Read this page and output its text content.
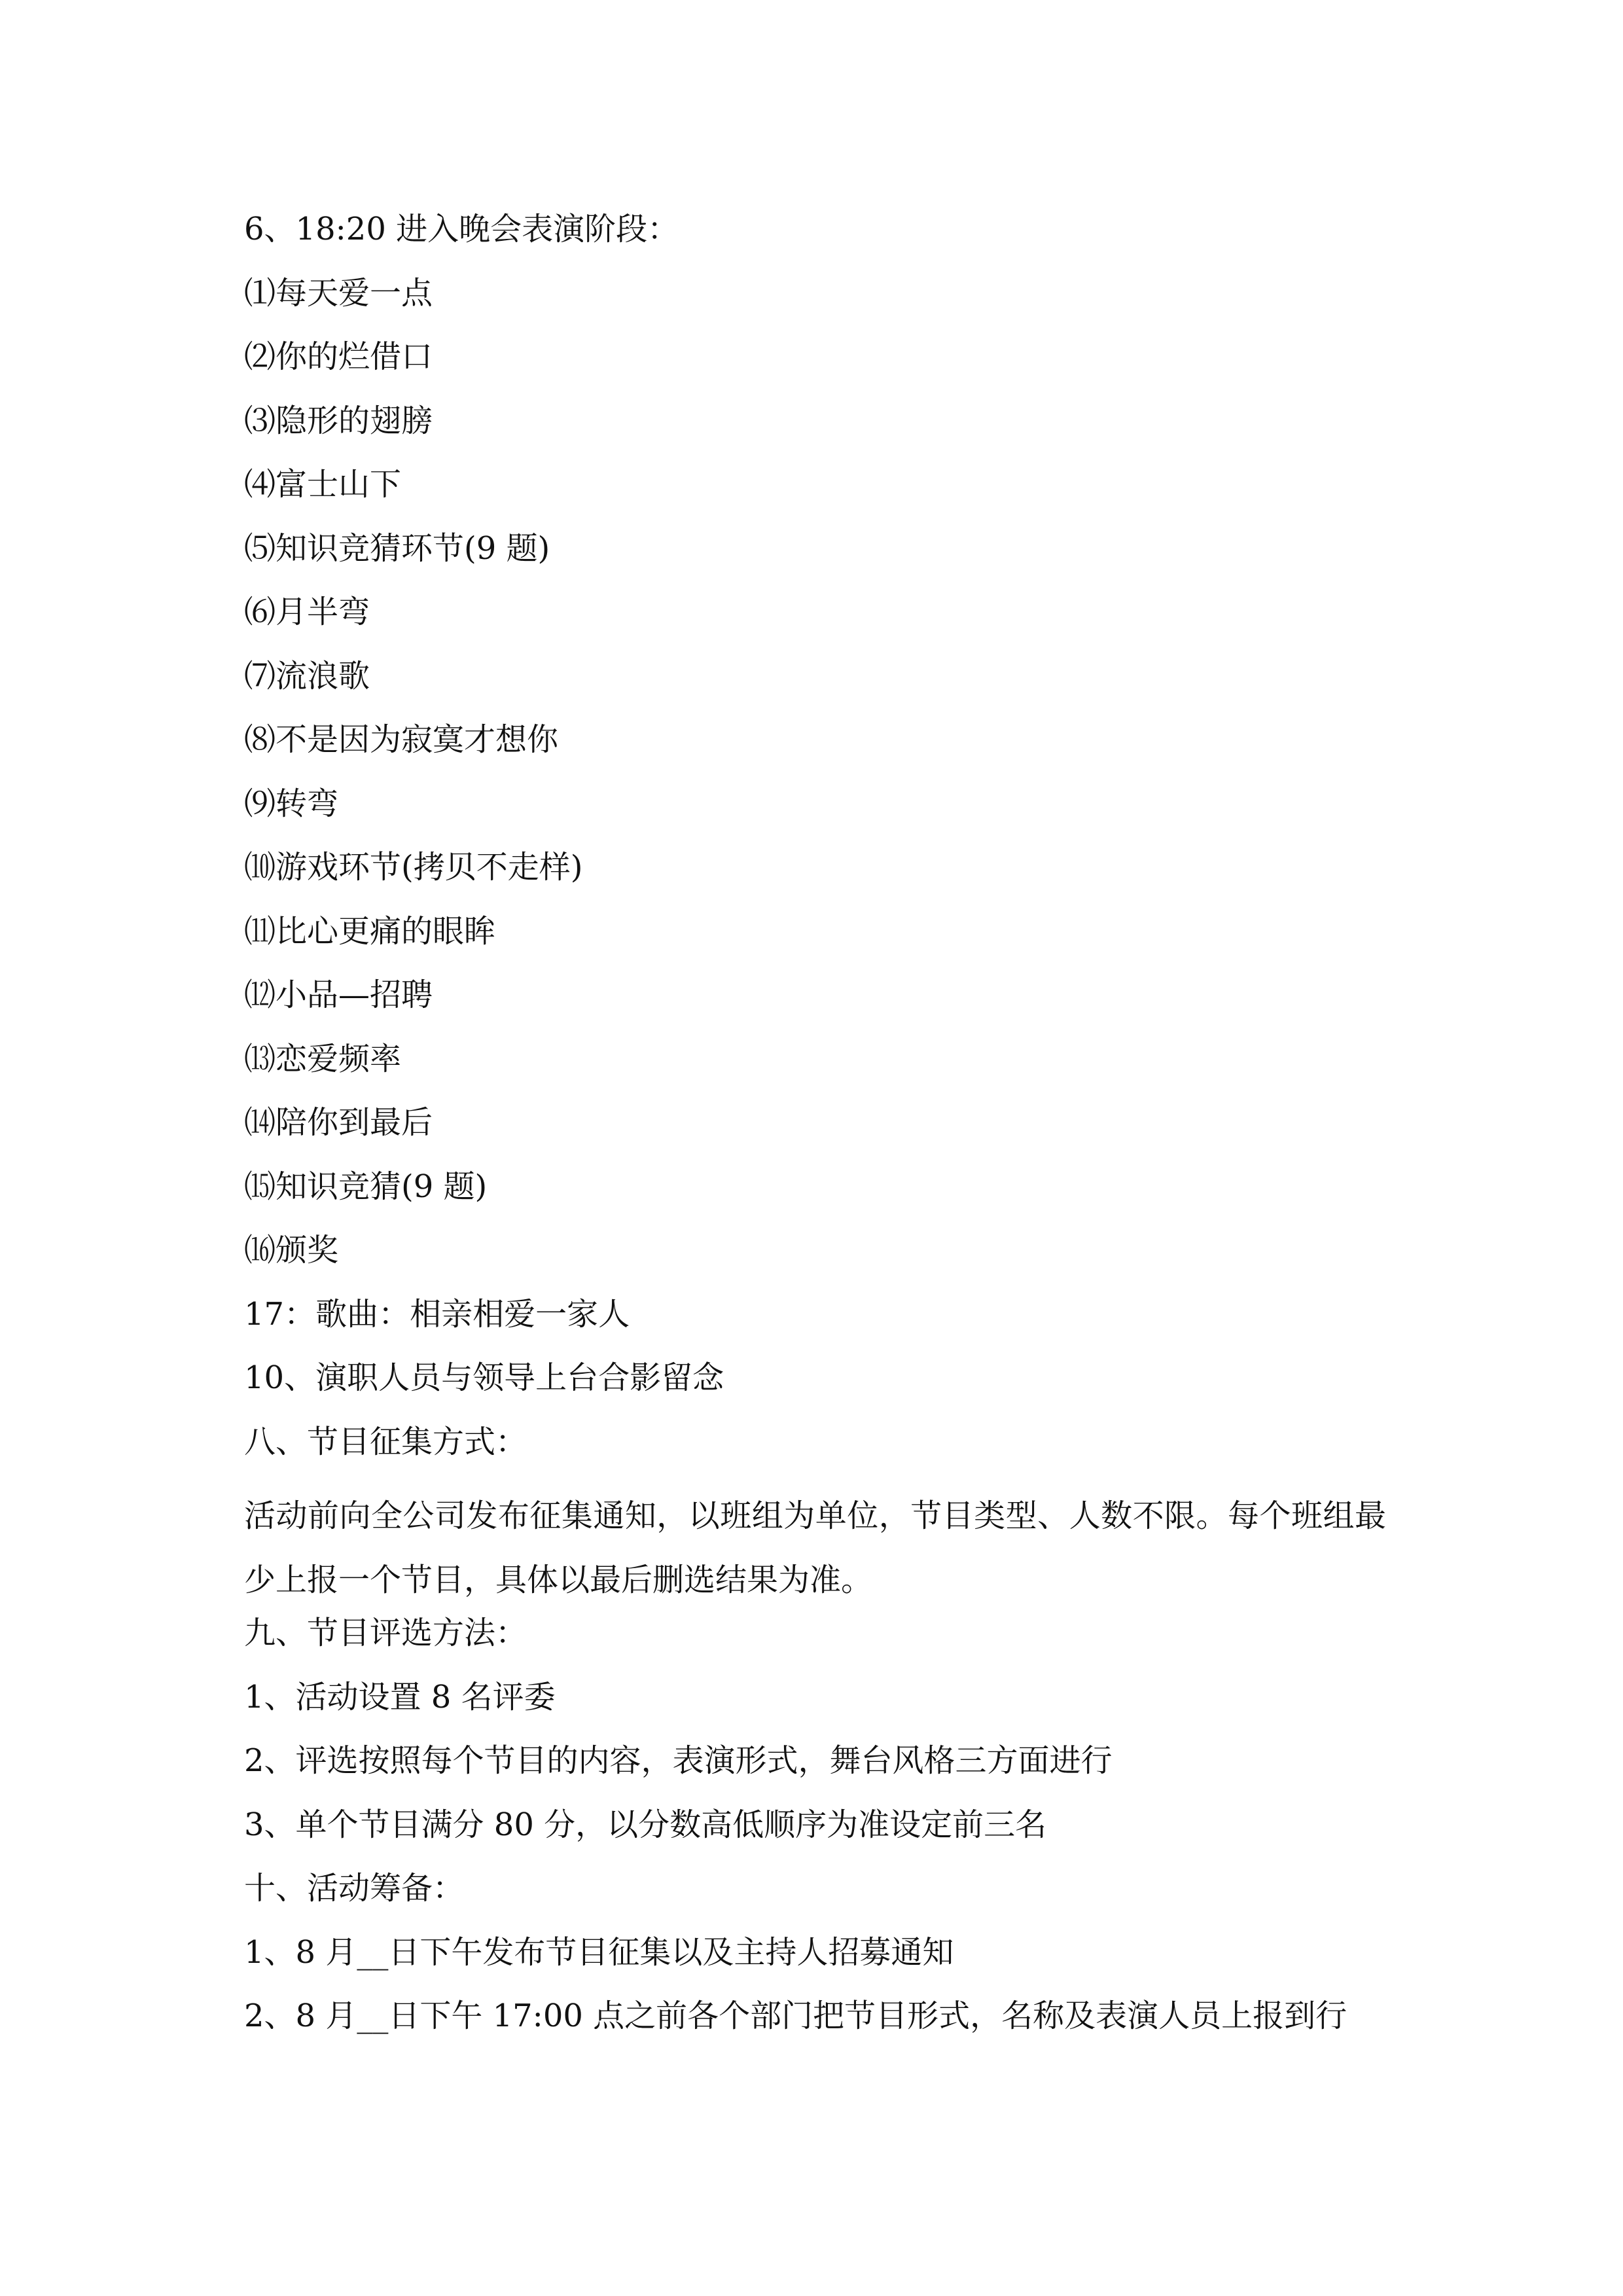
6、18:20 进入晚会表演阶段：
⑴每天爱一点
⑵你的烂借口
⑶隐形的翅膀
⑷富士山下
⑸知识竞猜环节(9 题)
⑹月半弯
⑺流浪歌
⑻不是因为寂寞才想你
⑼转弯
⑽游戏环节(拷贝不走样)
⑾比心更痛的眼眸
⑿小品—招聘
⒀恋爱频率
⒁陪你到最后
⒂知识竞猜(9 题)
⒃颁奖
17：歌曲：相亲相爱一家人
10、演职人员与领导上台合影留念
八、节目征集方式：
活动前向全公司发布征集通知，以班组为单位，节目类型、人数不限。每个班组最少上报一个节目，具体以最后删选结果为准。
九、节目评选方法：
1、活动设置 8 名评委
2、评选按照每个节目的内容，表演形式，舞台风格三方面进行
3、单个节目满分 80 分，以分数高低顺序为准设定前三名
十、活动筹备：
1、8 月__日下午发布节目征集以及主持人招募通知
2、8 月__日下午 17:00 点之前各个部门把节目形式，名称及表演人员上报到行
